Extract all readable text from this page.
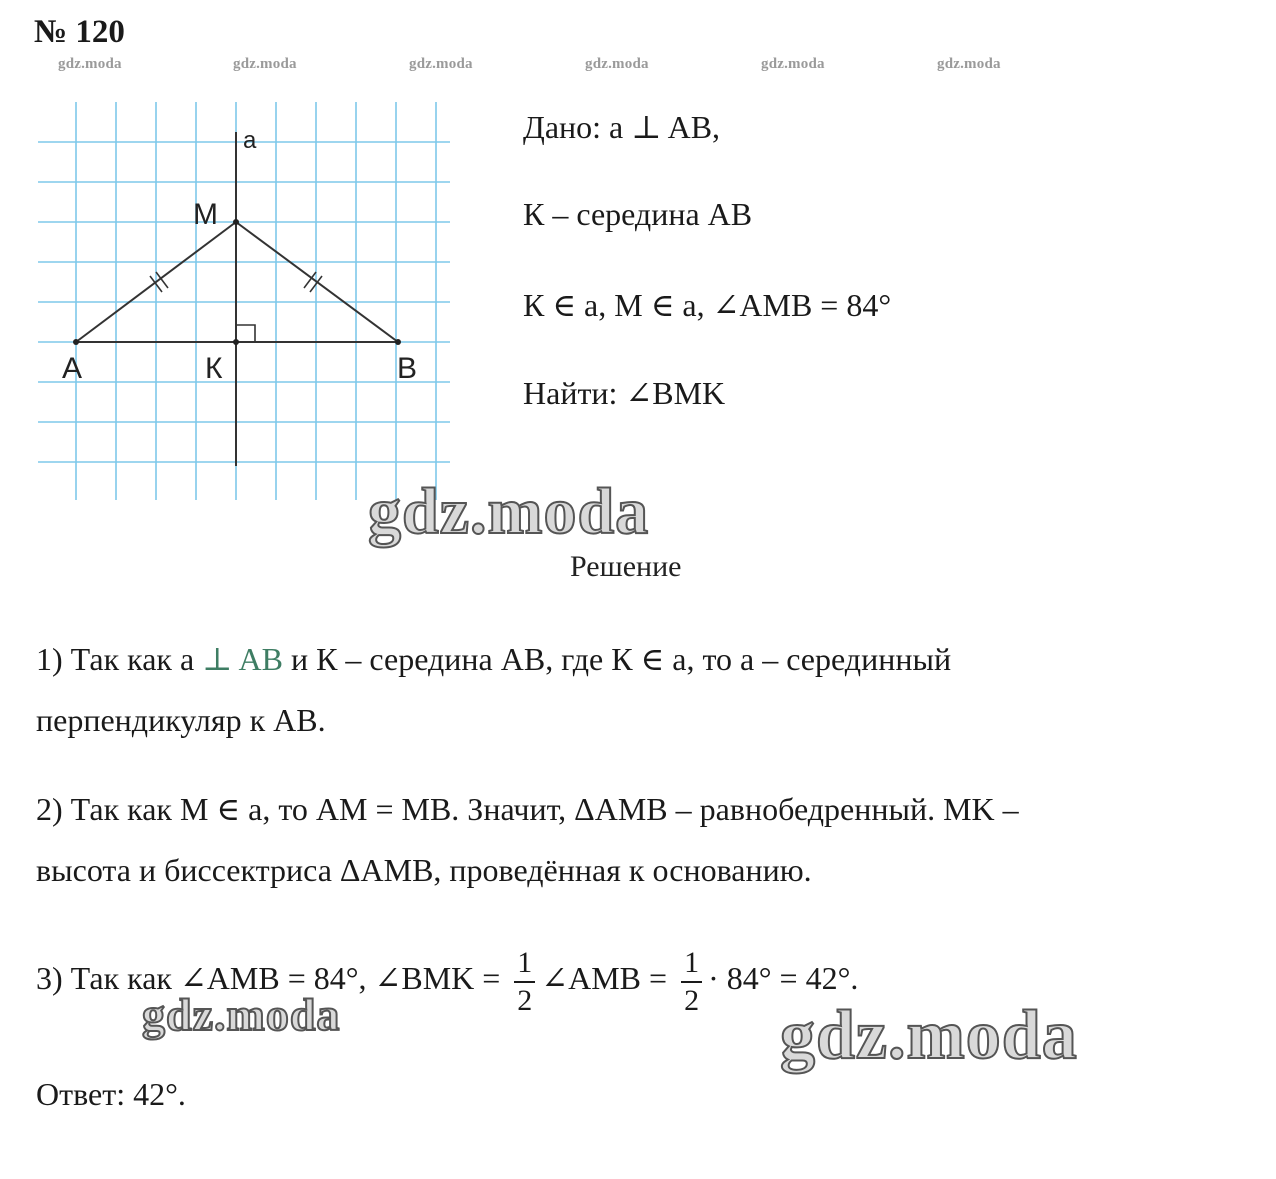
№ 120
gdz.moda	gdz.moda	gdz.moda	gdz.moda	gdz.moda	gdz.moda
a
M
A	К	B
Дано: a ⊥ AB,
К – середина AB
К ∈ a, M ∈ a, ∠AMB = 84°
Найти: ∠BMK
gdz.moda
Решение
1) Так как a ⊥ AB и К – середина AB, где К ∈ a, то a – серединный
перпендикуляр к AB.
2) Так как M ∈ a, то AM = MB. Значит, ΔAMB – равнобедренный. MK –
высота и биссектриса ΔAMB, проведённая к основанию.
3) Так как ∠AMB = 84°, ∠BMK = $\frac{1}{2}$ ∠AMB = $\frac{1}{2} \cdot 84^\circ = 42^\circ$.
gdz.moda	gdz.moda
Ответ: 42°.
